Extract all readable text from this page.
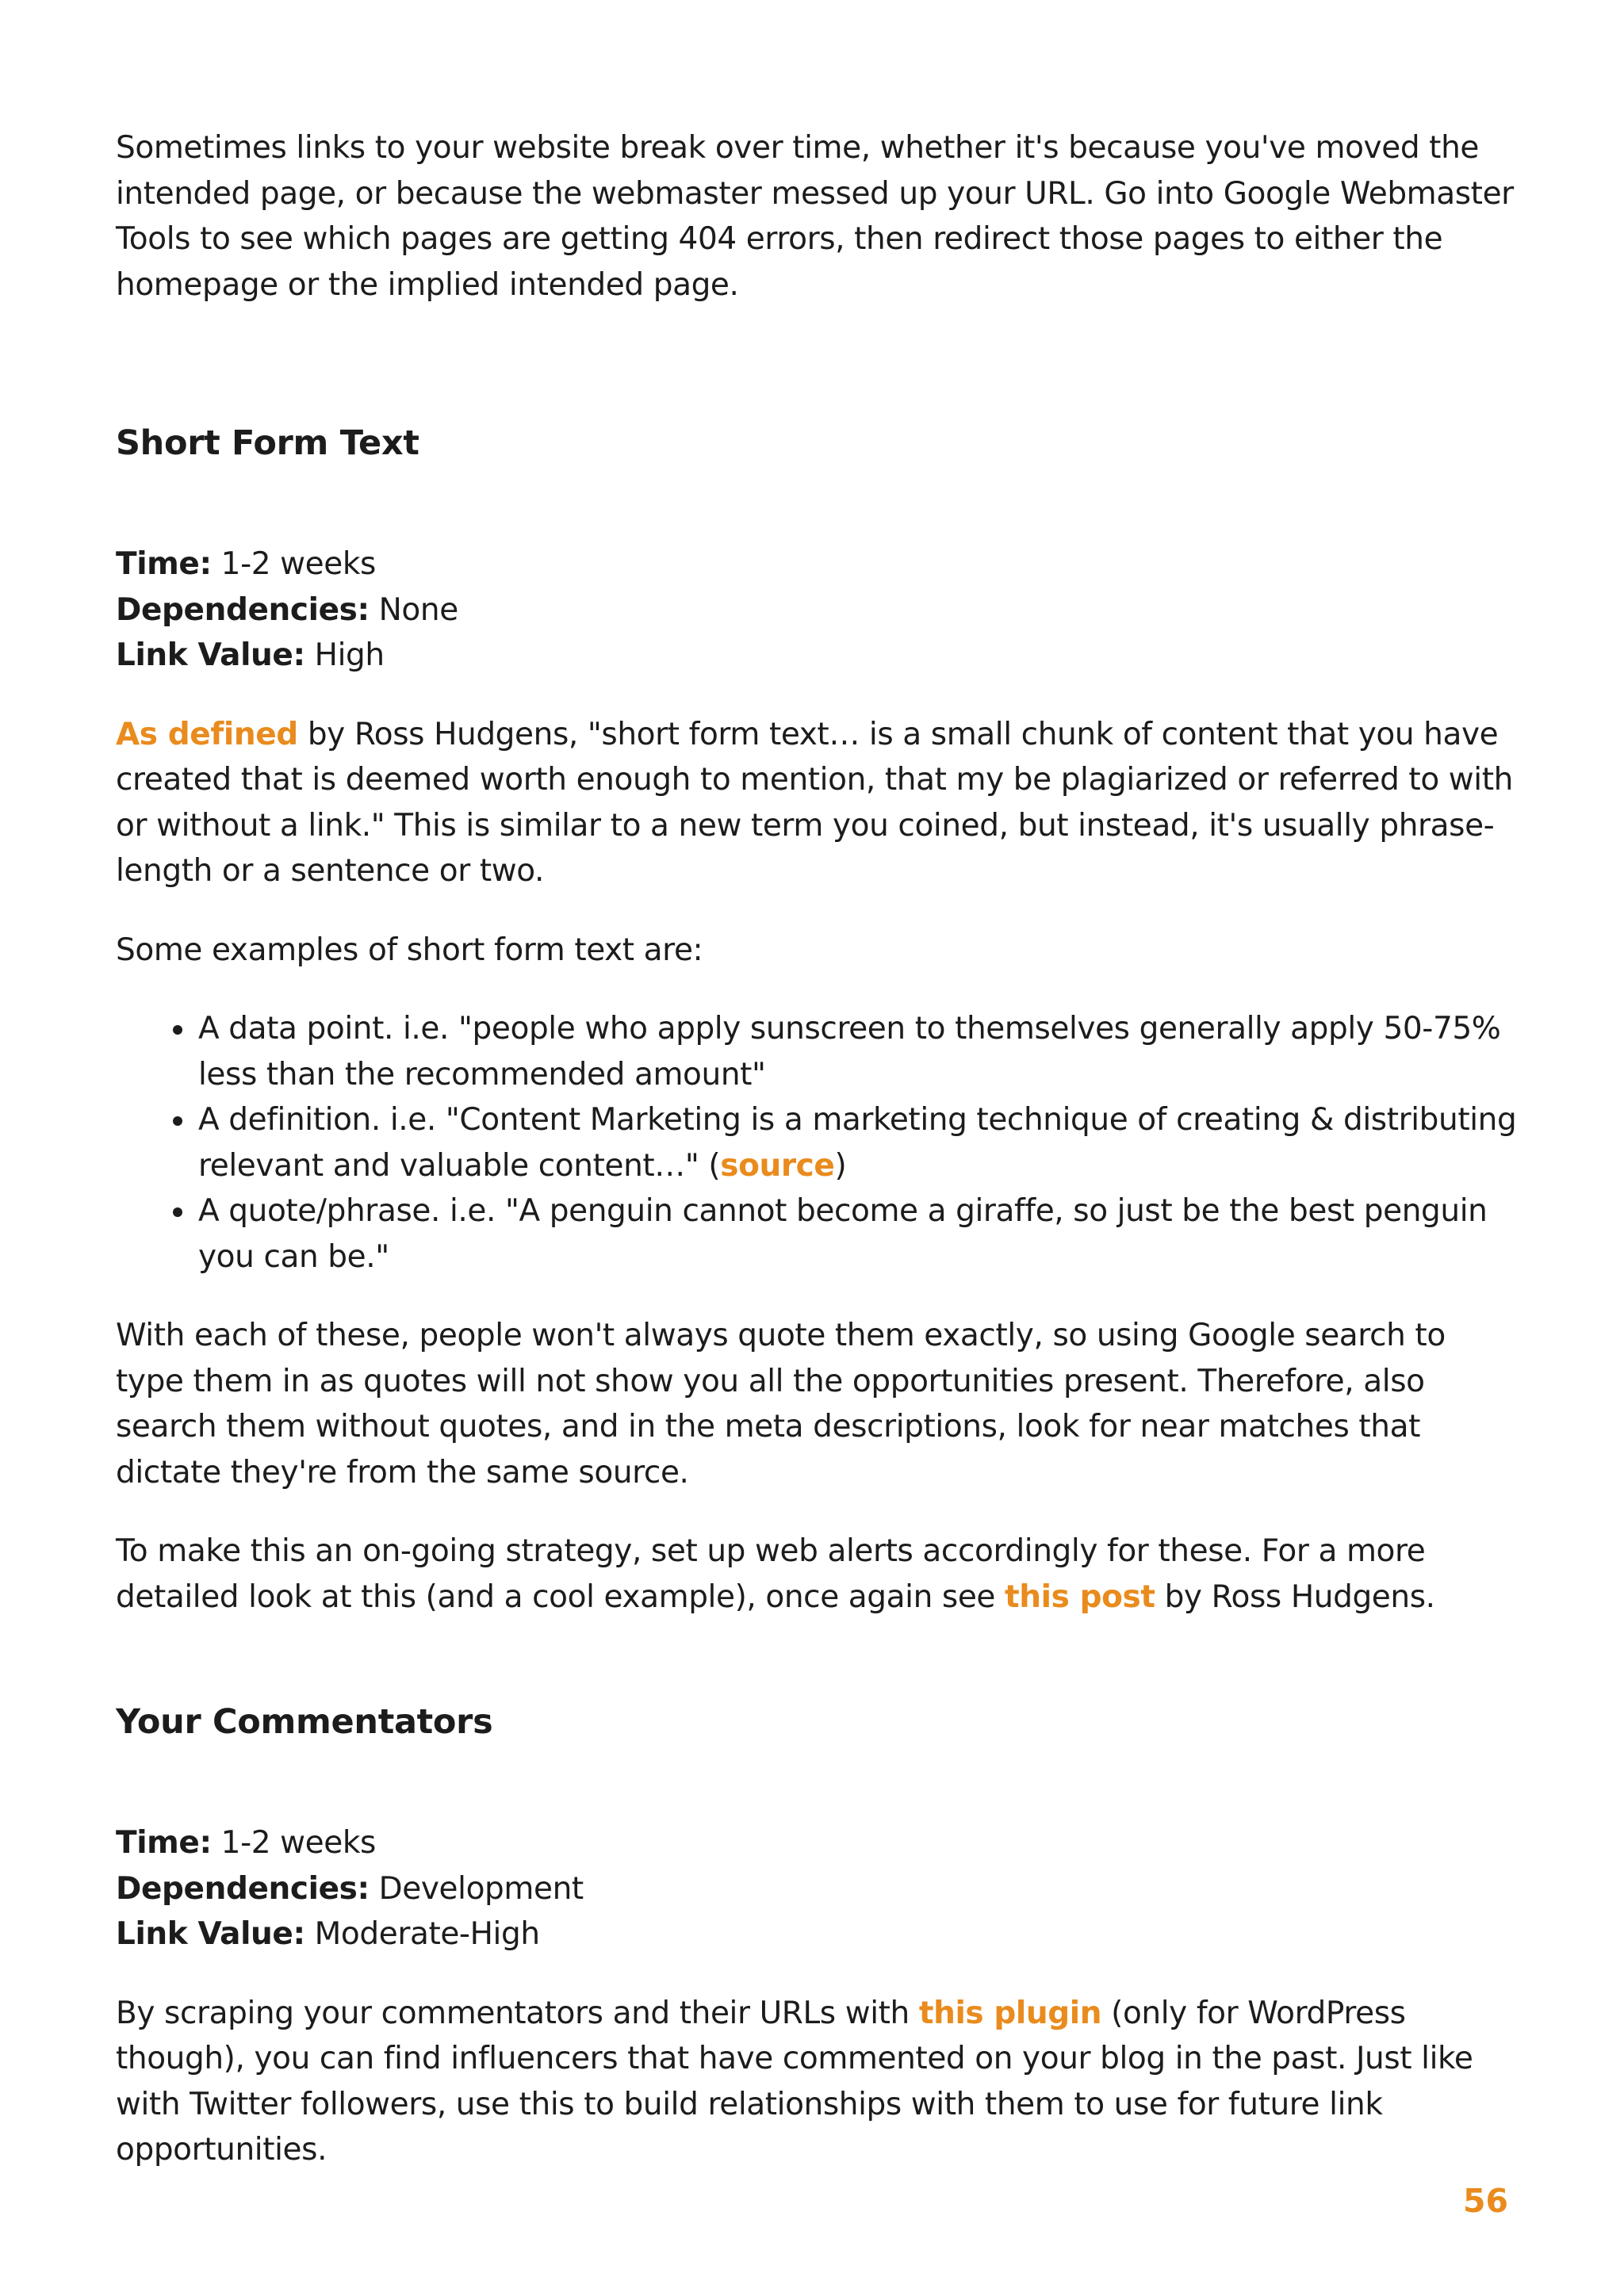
Sometimes links to your website break over time, whether it's because you've moved the intended page, or because the webmaster messed up your URL. Go into Google Webmaster Tools to see which pages are getting 404 errors, then redirect those pages to either the homepage or the implied intended page.

Short Form Text
Time: 1-2 weeks
Dependencies: None
Link Value: High

As defined by Ross Hudgens, "short form text… is a small chunk of content that you have created that is deemed worth enough to mention, that my be plagiarized or referred to with or without a link." This is similar to a new term you coined, but instead, it's usually phrase-length or a sentence or two.

Some examples of short form text are:

• A data point. i.e. "people who apply sunscreen to themselves generally apply 50-75% less than the recommended amount"
• A definition. i.e. "Content Marketing is a marketing technique of creating & distributing relevant and valuable content…" (source)
• A quote/phrase. i.e. "A penguin cannot become a giraffe, so just be the best penguin you can be."

With each of these, people won't always quote them exactly, so using Google search to type them in as quotes will not show you all the opportunities present. Therefore, also search them without quotes, and in the meta descriptions, look for near matches that dictate they're from the same source.

To make this an on-going strategy, set up web alerts accordingly for these. For a more detailed look at this (and a cool example), once again see this post by Ross Hudgens.

Your Commentators
Time: 1-2 weeks
Dependencies: Development
Link Value: Moderate-High

By scraping your commentators and their URLs with this plugin (only for WordPress though), you can find influencers that have commented on your blog in the past. Just like with Twitter followers, use this to build relationships with them to use for future link opportunities.

56
